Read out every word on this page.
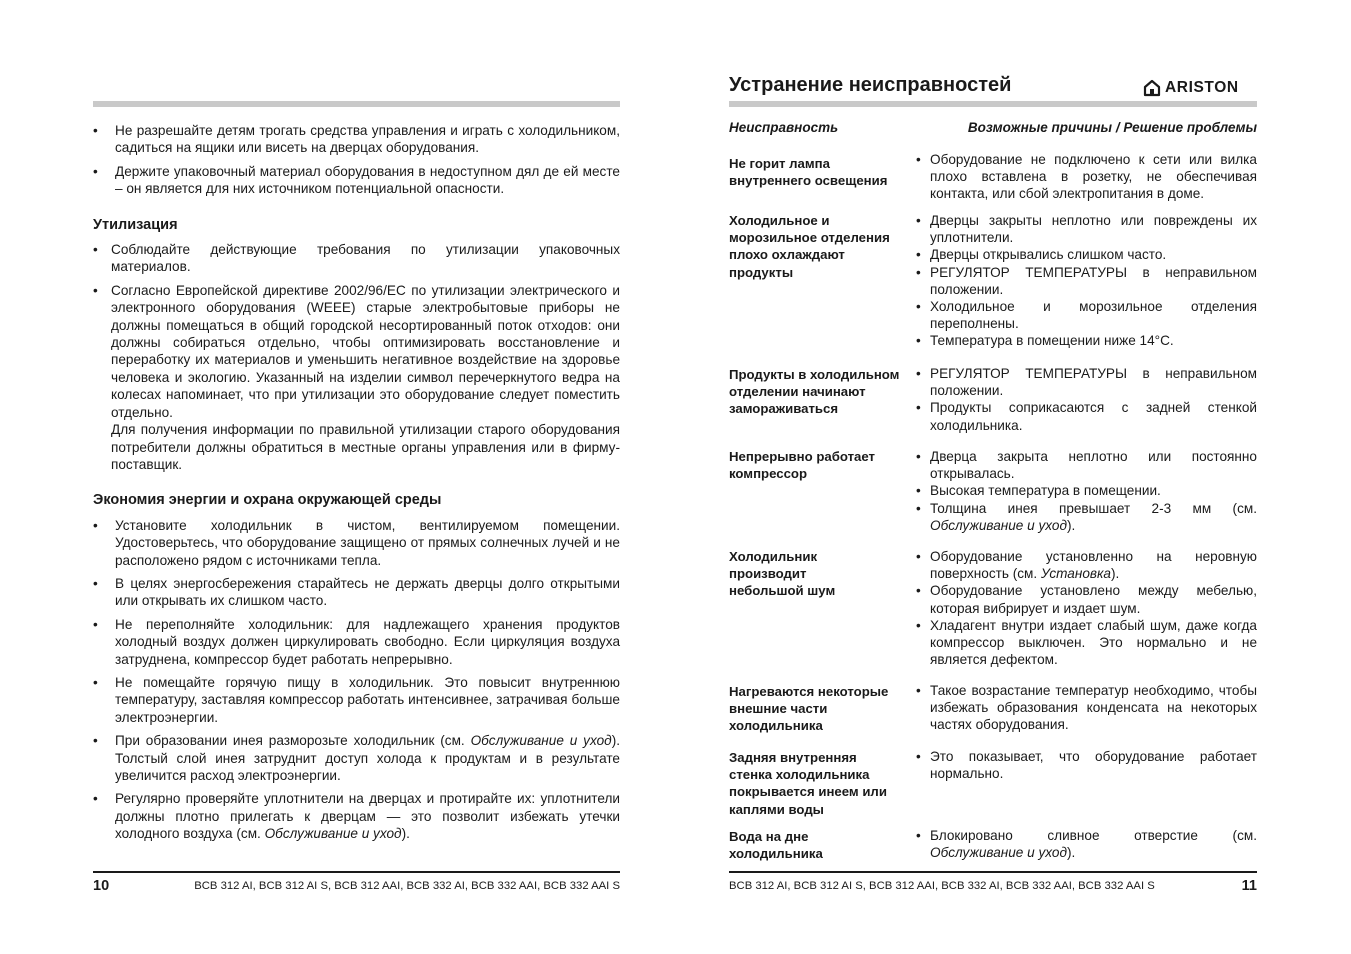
• Не разрешайте детям трогать средства управления и играть с холодильником, садиться на ящики или висеть на дверцах оборудования.
• Держите упаковочный материал оборудования в недоступном дял де ей месте – он является для них источником потенциальной опасности.
Утилизация
• Соблюдайте действующие требования по утилизации упаковочных материалов.
• Согласно Европейской директиве 2002/96/EC по утилизации электрического и электронного оборудования (WEEE) старые электробытовые приборы не должны помещаться в общий городской несортированный поток отходов: они должны собираться отдельно, чтобы оптимизировать восстановление и переработку их материалов и уменьшить негативное воздействие на здоровье человека и экологию. Указанный на изделии символ перечеркнутого ведра на колесах напоминает, что при утилизации это оборудование следует поместить отдельно.
Для получения информации по правильной утилизации старого оборудования потребители должны обратиться в местные органы управления или в фирму-поставщик.
Экономия энергии и охрана окружающей среды
• Установите холодильник в чистом, вентилируемом помещении. Удостоверьтесь, что оборудование защищено от прямых солнечных лучей и не расположено рядом с источниками тепла.
• В целях энергосбережения старайтесь не держать дверцы долго открытыми или открывать их слишком часто.
• Не переполняйте холодильник: для надлежащего хранения продуктов холодный воздух должен циркулировать свободно. Если циркуляция воздуха затруднена, компрессор будет работать непрерывно.
• Не помещайте горячую пищу в холодильник. Это повысит внутреннюю температуру, заставляя компрессор работать интенсивнее, затрачивая больше электроэнергии.
• При образовании инея разморозьте холодильник (см. Обслуживание и уход). Толстый слой инея затруднит доступ холода к продуктам и в результате увеличится расход электроэнергии.
• Регулярно проверяйте уплотнители на дверцах и протирайте их: уплотнители должны плотно прилегать к дверцам — это позволит избежать утечки холодного воздуха (см. Обслуживание и уход).
10	BCB 312 AI, BCB 312 AI S, BCB 312 AAI, BCB 332 AI, BCB 332 AAI, BCB 332 AAI S
Устранение неисправностей	ARISTON
Неисправность	Возможные причины / Решение проблемы
Не горит лампа внутреннего освещения
• Оборудование не подключено к сети или вилка плохо вставлена в розетку, не обеспечивая контакта, или сбой электропитания в доме.
Холодильное и морозильное отделения плохо охлаждают продукты
• Дверцы закрыты неплотно или повреждены их уплотнители.
• Дверцы открывались слишком часто.
• РЕГУЛЯТОР ТЕМПЕРАТУРЫ в неправильном положении.
• Холодильное и морозильное отделения переполнены.
• Температура в помещении ниже 14°С.
Продукты в холодильном отделении начинают замораживаться
• РЕГУЛЯТОР ТЕМПЕРАТУРЫ в неправильном положении.
• Продукты соприкасаются с задней стенкой холодильника.
Непрерывно работает компрессор
• Дверца закрыта неплотно или постоянно открывалась.
• Высокая температура в помещении.
• Толщина инея превышает 2-3 мм (см. Обслуживание и уход).
Холодильник производит небольшой шум
• Оборудование установленно на неровную поверхность (см. Установка).
• Оборудование установлено между мебелью, которая вибрирует и издает шум.
• Хладагент внутри издает слабый шум, даже когда компрессор выключен. Это нормально и не является дефектом.
Нагреваются некоторые внешние части холодильника
• Такое возрастание температур необходимо, чтобы избежать образования конденсата на некоторых частях оборудования.
Задняя внутренняя стенка холодильника покрывается инеем или каплями воды
• Это показывает, что оборудование работает нормально.
Вода на дне холодильника
• Блокировано сливное отверстие (см. Обслуживание и уход).
BCB 312 AI, BCB 312 AI S, BCB 312 AAI, BCB 332 AI, BCB 332 AAI, BCB 332 AAI S	11
